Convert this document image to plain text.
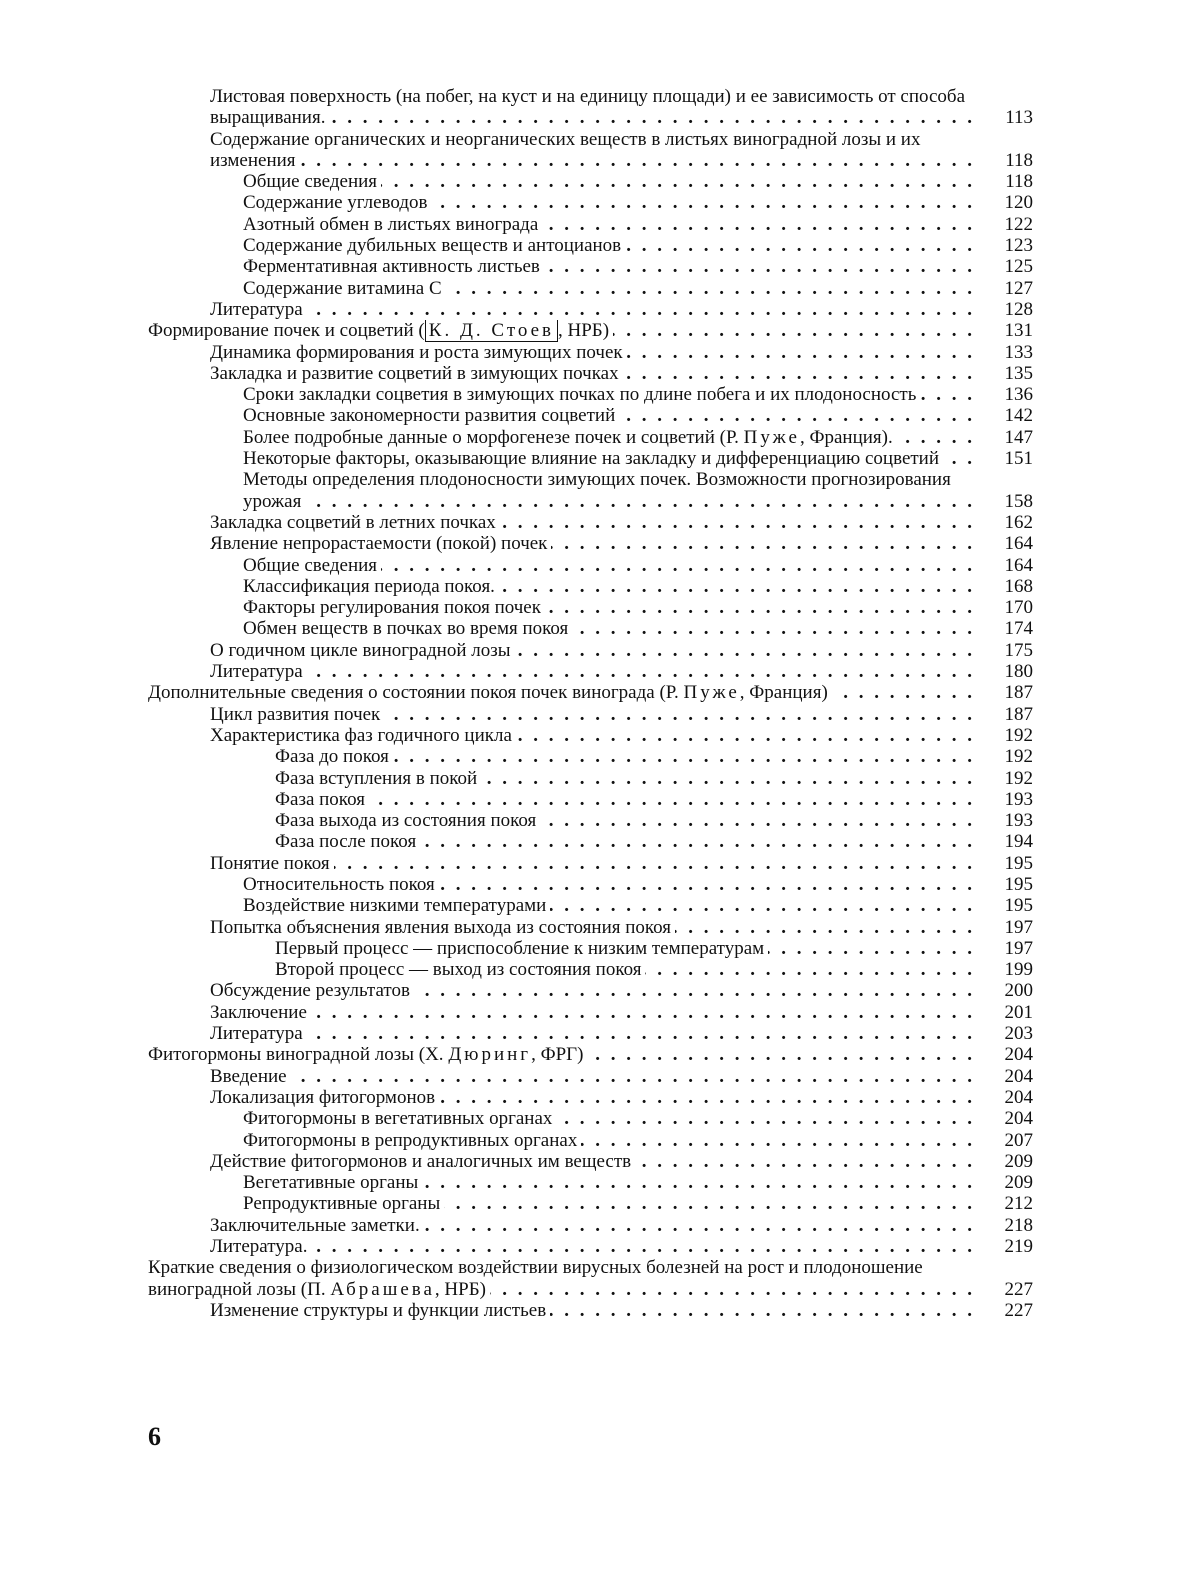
Листовая поверхность (на побег, на куст и на единицу площади) и ее зависимость от способа выращивания. . . .	113
Содержание органических и неорганических веществ в листьях виноградной лозы и их изменения . . .	118
Общие сведения . . .	118
Содержание углеводов . . .	120
Азотный обмен в листьях винограда . . .	122
Содержание дубильных веществ и антоцианов . . .	123
Ферментативная активность листьев . . .	125
Содержание витамина С . . .	127
Литература . . .	128
Формирование почек и соцветий ( К. Д. Стоев , НРБ) . . .	131
Динамика формирования и роста зимующих почек . . .	133
Закладка и развитие соцветий в зимующих почках . . .	135
Сроки закладки соцветия в зимующих почках по длине побега и их плодоносность . . .	136
Основные закономерности развития соцветий . . .	142
Более подробные данные о морфогенезе почек и соцветий (Р. Пуже, Франция). . . .	147
Некоторые факторы, оказывающие влияние на закладку и дифференциацию соцветий . . .	151
Методы определения плодоносности зимующих почек. Возможности прогнозирования урожая . . .	158
Закладка соцветий в летних почках . . .	162
Явление непрорастаемости (покой) почек . . .	164
Общие сведения . . .	164
Классификация периода покоя. . . .	168
Факторы регулирования покоя почек . . .	170
Обмен веществ в почках во время покоя . . .	174
О годичном цикле виноградной лозы . . .	175
Литература . . .	180
Дополнительные сведения о состоянии покоя почек винограда (Р. Пуже, Франция) . . .	187
Цикл развития почек . . .	187
Характеристика фаз годичного цикла . . .	192
Фаза до покоя . . .	192
Фаза вступления в покой . . .	192
Фаза покоя . . .	193
Фаза выхода из состояния покоя . . .	193
Фаза после покоя . . .	194
Понятие покоя . . .	195
Относительность покоя . . .	195
Воздействие низкими температурами . . .	195
Попытка объяснения явления выхода из состояния покоя . . .	197
Первый процесс — приспособление к низким температурам . . .	197
Второй процесс — выход из состояния покоя . . .	199
Обсуждение результатов . . .	200
Заключение . . .	201
Литература . . .	203
Фитогормоны виноградной лозы (Х. Дюринг, ФРГ) . . .	204
Введение . . .	204
Локализация фитогормонов . . .	204
Фитогормоны в вегетативных органах . . .	204
Фитогормоны в репродуктивных органах . . .	207
Действие фитогормонов и аналогичных им веществ . . .	209
Вегетативные органы . . .	209
Репродуктивные органы . . .	212
Заключительные заметки. . . .	218
Литература. . . .	219
Краткие сведения о физиологическом воздействии вирусных болезней на рост и плодоношение виноградной лозы (П. Абрашева, НРБ) . . .	227
Изменение структуры и функции листьев . . .	227
6
